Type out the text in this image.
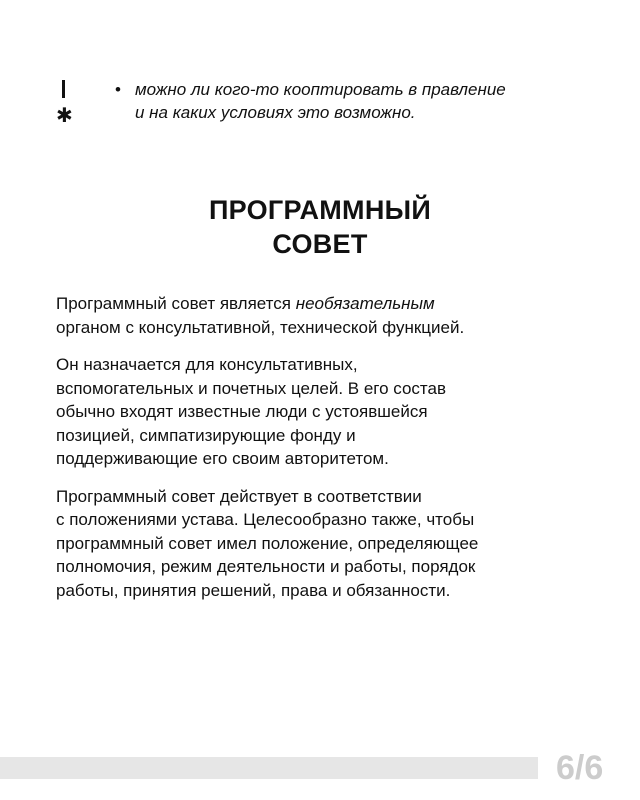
✱
• можно ли кого-то кооптировать в правление
и на каких условиях это возможно.
ПРОГРАММНЫЙ
СОВЕТ

Программный совет является необязательным
органом с консультативной, технической функцией.

Он назначается для консультативных,
вспомогательных и почетных целей. В его состав
обычно входят известные люди с устоявшейся
позицией, симпатизирующие фонду и
поддерживающие его своим авторитетом.

Программный совет действует в соответствии
с положениями устава. Целесообразно также, чтобы
программный совет имел положение, определяющее
полномочия, режим деятельности и работы, порядок
работы, принятия решений, права и обязанности.

6/6
